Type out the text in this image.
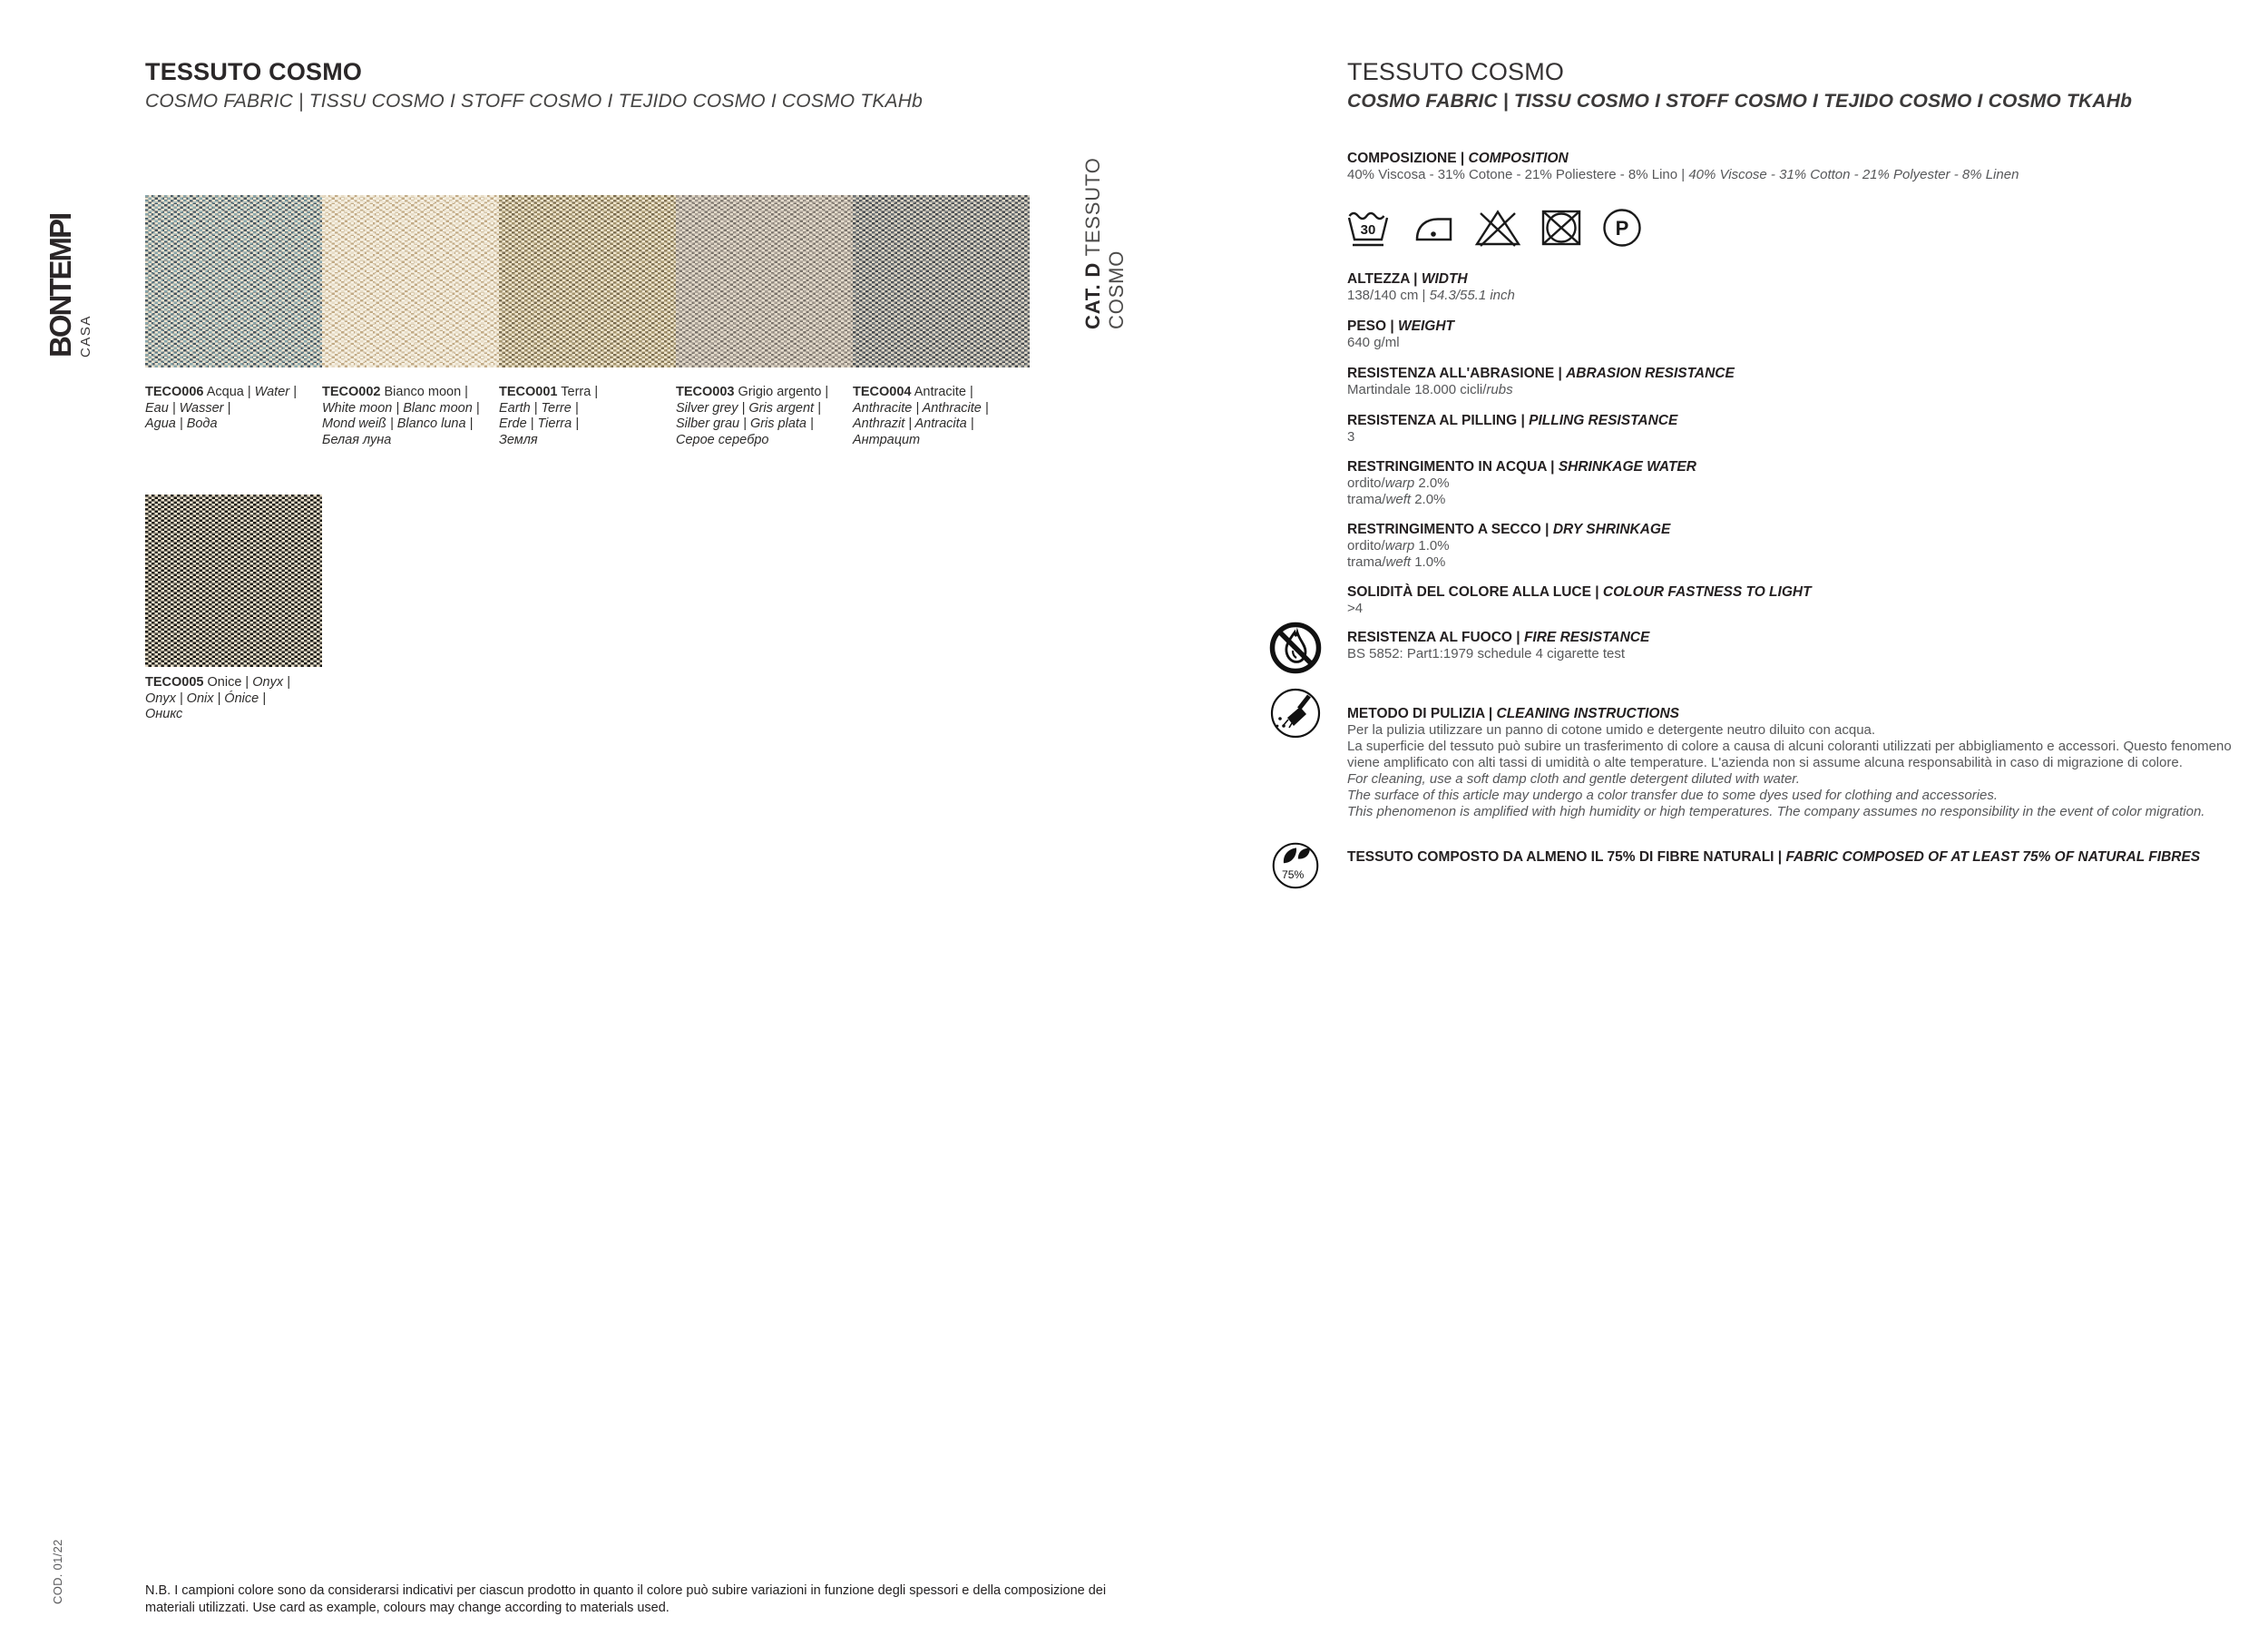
BONTEMPI CASA
TESSUTO COSMO
COSMO FABRIC | TISSU COSMO I STOFF COSMO I TEJIDO COSMO I COSMO TKAHb
TECO006 Acqua | Water |
Eau | Wasser |
Agua | Вода
TECO002 Bianco moon |
White moon | Blanc moon |
Mond weiß | Blanco luna |
Белая луна
TECO001 Terra |
Earth | Terre |
Erde | Tierra |
Земля
TECO003 Grigio argento |
Silver grey | Gris argent |
Silber grau | Gris plata |
Серое серебро
TECO004 Antracite |
Anthracite | Anthracite |
Anthrazit | Antracita |
Антрацит
TECO005 Onice | Onyx |
Onyx | Onix | Ónice |
Оникс
CAT. D TESSUTO COSMO
COD. 01/22	N.B. I campioni colore sono da considerarsi indicativi per ciascun prodotto in quanto il colore può subire variazioni in funzione degli spessori e della composizione dei
materiali utilizzati. Use card as example, colours may change according to materials used.
TESSUTO COSMO
COSMO FABRIC | TISSU COSMO I STOFF COSMO I TEJIDO COSMO I COSMO TKAHb
COMPOSIZIONE | COMPOSITION
40% Viscosa - 31% Cotone - 21% Poliestere - 8% Lino | 40% Viscose - 31% Cotton - 21% Polyester - 8% Linen
30	P
ALTEZZA | WIDTH
138/140 cm | 54.3/55.1 inch
PESO | WEIGHT
640 g/ml
RESISTENZA ALL'ABRASIONE | ABRASION RESISTANCE
Martindale 18.000 cicli/rubs
RESISTENZA AL PILLING | PILLING RESISTANCE
3
RESTRINGIMENTO IN ACQUA | SHRINKAGE WATER
ordito/warp 2.0%
trama/weft 2.0%
RESTRINGIMENTO A SECCO | DRY SHRINKAGE
ordito/warp 1.0%
trama/weft 1.0%
SOLIDITÀ DEL COLORE ALLA LUCE | COLOUR FASTNESS TO LIGHT
>4
RESISTENZA AL FUOCO | FIRE RESISTANCE
BS 5852: Part1:1979 schedule 4 cigarette test
METODO DI PULIZIA | CLEANING INSTRUCTIONS
Per la pulizia utilizzare un panno di cotone umido e detergente neutro diluito con acqua.
La superficie del tessuto può subire un trasferimento di colore a causa di alcuni coloranti utilizzati per abbigliamento e accessori. Questo fenomeno
viene amplificato con alti tassi di umidità o alte temperature. L'azienda non si assume alcuna responsabilità in caso di migrazione di colore.
For cleaning, use a soft damp cloth and gentle detergent diluted with water.
The surface of this article may undergo a color transfer due to some dyes used for clothing and accessories.
This phenomenon is amplified with high humidity or high temperatures. The company assumes no responsibility in the event of color migration.
75%
TESSUTO COMPOSTO DA ALMENO IL 75% DI FIBRE NATURALI | FABRIC COMPOSED OF AT LEAST 75% OF NATURAL FIBRES
